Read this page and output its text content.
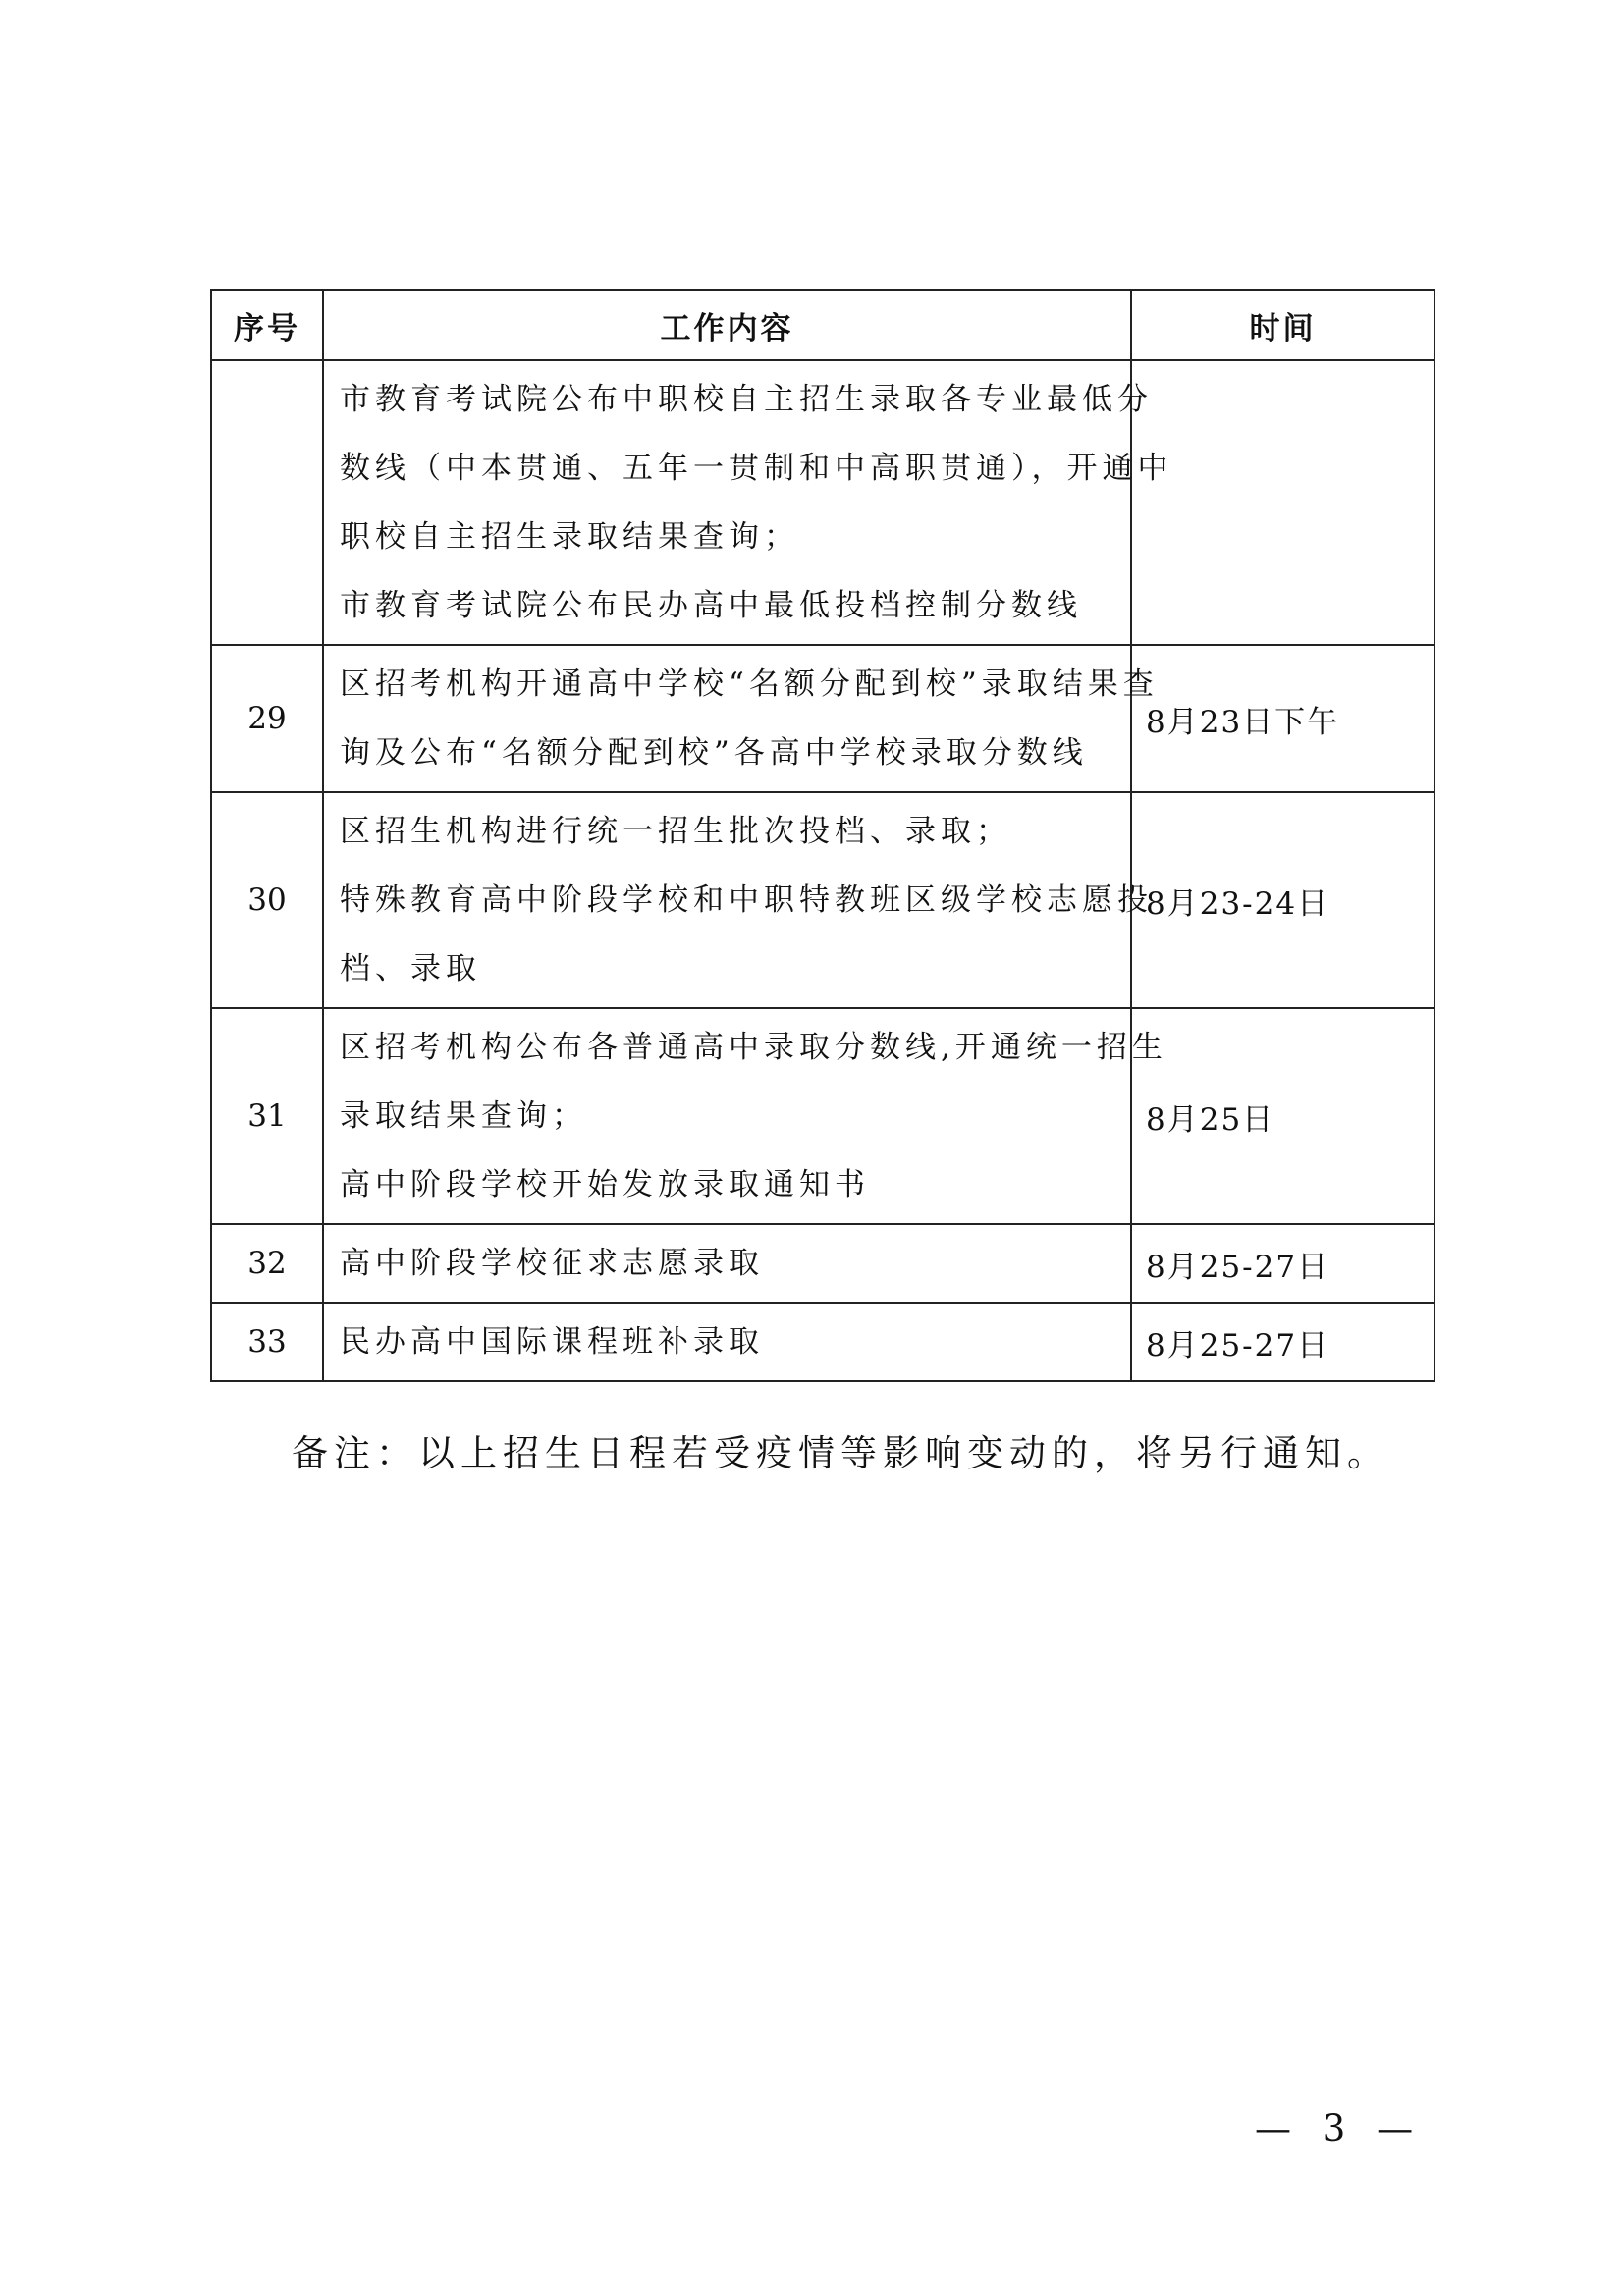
序号	工作内容	时间

	市教育考试院公布中职校自主招生录取各专业最低分
数线（中本贯通、五年一贯制和中高职贯通），开通中
职校自主招生录取结果查询；
市教育考试院公布民办高中最低投档控制分数线	

29	区招考机构开通高中学校“名额分配到校”录取结果查
询及公布“名额分配到校”各高中学校录取分数线	8月23日下午
30	区招生机构进行统一招生批次投档、录取；
特殊教育高中阶段学校和中职特教班区级学校志愿投
档、录取	8月23-24日
31	区招考机构公布各普通高中录取分数线,开通统一招生
录取结果查询；
高中阶段学校开始发放录取通知书	8月25日
32	高中阶段学校征求志愿录取	8月25-27日
33	民办高中国际课程班补录取	8月25-27日
备注：以上招生日程若受疫情等影响变动的，将另行通知。
— 3 —
